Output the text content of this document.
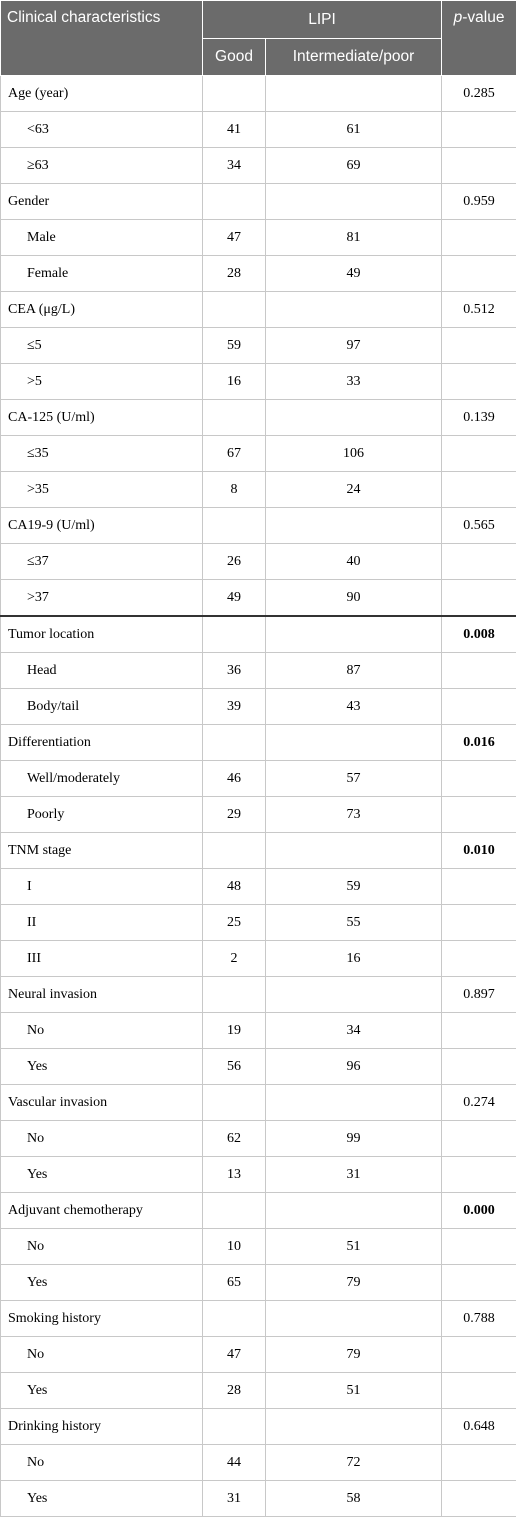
Clinical characteristics	LIPI		p-value
	Good	Intermediate/poor	
Age (year)			0.285
<63	41	61	
≥63	34	69	
Gender			0.959
Male	47	81	
Female	28	49	
CEA (μg/L)			0.512
≤5	59	97	
>5	16	33	
CA-125 (U/ml)			0.139
≤35	67	106	
>35	8	24	
CA19-9 (U/ml)			0.565
≤37	26	40	
>37	49	90	
Tumor location			0.008
Head	36	87	
Body/tail	39	43	
Differentiation			0.016
Well/moderately	46	57	
Poorly	29	73	
TNM stage			0.010
I	48	59	
II	25	55	
III	2	16	
Neural invasion			0.897
No	19	34	
Yes	56	96	
Vascular invasion			0.274
No	62	99	
Yes	13	31	
Adjuvant chemotherapy			0.000
No	10	51	
Yes	65	79	
Smoking history			0.788
No	47	79	
Yes	28	51	
Drinking history			0.648
No	44	72	
Yes	31	58	
